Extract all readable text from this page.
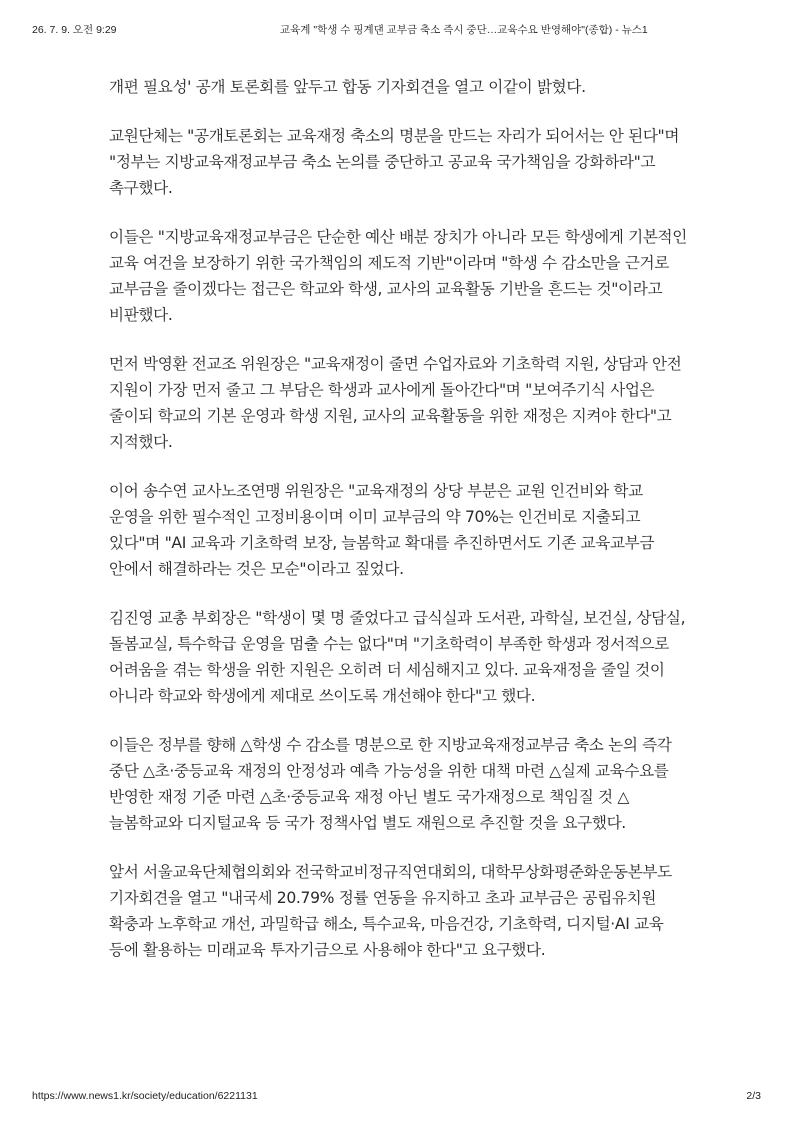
26. 7. 9. 오전 9:29	교육계 "학생 수 핑계댄 교부금 축소 즉시 중단…교육수요 반영해야"(종합) - 뉴스1

개편 필요성' 공개 토론회를 앞두고 합동 기자회견을 열고 이같이 밝혔다.

교원단체는 "공개토론회는 교육재정 축소의 명분을 만드는 자리가 되어서는 안 된다"며 "정부는 지방교육재정교부금 축소 논의를 중단하고 공교육 국가책임을 강화하라"고 촉구했다.

이들은 "지방교육재정교부금은 단순한 예산 배분 장치가 아니라 모든 학생에게 기본적인 교육 여건을 보장하기 위한 국가책임의 제도적 기반"이라며 "학생 수 감소만을 근거로 교부금을 줄이겠다는 접근은 학교와 학생, 교사의 교육활동 기반을 흔드는 것"이라고 비판했다.

먼저 박영환 전교조 위원장은 "교육재정이 줄면 수업자료와 기초학력 지원, 상담과 안전 지원이 가장 먼저 줄고 그 부담은 학생과 교사에게 돌아간다"며 "보여주기식 사업은 줄이되 학교의 기본 운영과 학생 지원, 교사의 교육활동을 위한 재정은 지켜야 한다"고 지적했다.

이어 송수연 교사노조연맹 위원장은 "교육재정의 상당 부분은 교원 인건비와 학교 운영을 위한 필수적인 고정비용이며 이미 교부금의 약 70%는 인건비로 지출되고 있다"며 "AI 교육과 기초학력 보장, 늘봄학교 확대를 추진하면서도 기존 교육교부금 안에서 해결하라는 것은 모순"이라고 짚었다.

김진영 교총 부회장은 "학생이 몇 명 줄었다고 급식실과 도서관, 과학실, 보건실, 상담실, 돌봄교실, 특수학급 운영을 멈출 수는 없다"며 "기초학력이 부족한 학생과 정서적으로 어려움을 겪는 학생을 위한 지원은 오히려 더 세심해지고 있다. 교육재정을 줄일 것이 아니라 학교와 학생에게 제대로 쓰이도록 개선해야 한다"고 했다.

이들은 정부를 향해 △학생 수 감소를 명분으로 한 지방교육재정교부금 축소 논의 즉각 중단 △초·중등교육 재정의 안정성과 예측 가능성을 위한 대책 마련 △실제 교육수요를 반영한 재정 기준 마련 △초·중등교육 재정 아닌 별도 국가재정으로 책임질 것 △늘봄학교와 디지털교육 등 국가 정책사업 별도 재원으로 추진할 것을 요구했다.

앞서 서울교육단체협의회와 전국학교비정규직연대회의, 대학무상화평준화운동본부도 기자회견을 열고 "내국세 20.79% 정률 연동을 유지하고 초과 교부금은 공립유치원 확충과 노후학교 개선, 과밀학급 해소, 특수교육, 마음건강, 기초학력, 디지털·AI 교육 등에 활용하는 미래교육 투자기금으로 사용해야 한다"고 요구했다.

https://www.news1.kr/society/education/6221131	2/3
